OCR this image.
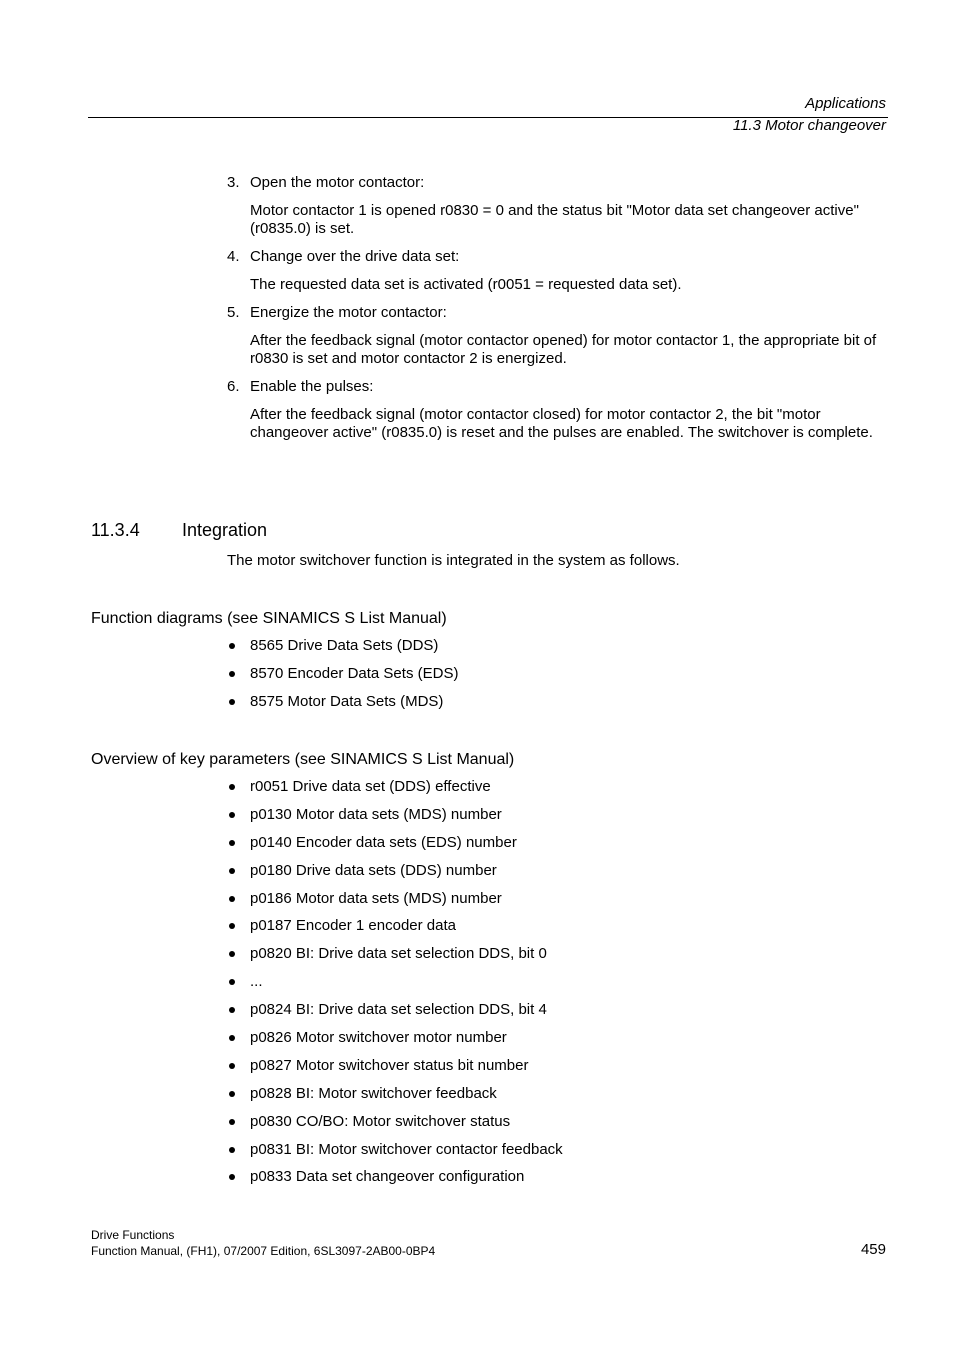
Applications
11.3 Motor changeover
3. Open the motor contactor:
Motor contactor 1 is opened r0830 = 0 and the status bit "Motor data set changeover active" (r0835.0) is set.
4. Change over the drive data set:
The requested data set is activated (r0051 = requested data set).
5. Energize the motor contactor:
After the feedback signal (motor contactor opened) for motor contactor 1, the appropriate bit of r0830 is set and motor contactor 2 is energized.
6. Enable the pulses:
After the feedback signal (motor contactor closed) for motor contactor 2, the bit "motor changeover active" (r0835.0) is reset and the pulses are enabled. The switchover is complete.
11.3.4 Integration
The motor switchover function is integrated in the system as follows.
Function diagrams (see SINAMICS S List Manual)
8565 Drive Data Sets (DDS)
8570 Encoder Data Sets (EDS)
8575 Motor Data Sets (MDS)
Overview of key parameters (see SINAMICS S List Manual)
r0051 Drive data set (DDS) effective
p0130 Motor data sets (MDS) number
p0140 Encoder data sets (EDS) number
p0180 Drive data sets (DDS) number
p0186 Motor data sets (MDS) number
p0187 Encoder 1 encoder data
p0820 BI: Drive data set selection DDS, bit 0
...
p0824 BI: Drive data set selection DDS, bit 4
p0826 Motor switchover motor number
p0827 Motor switchover status bit number
p0828 BI: Motor switchover feedback
p0830 CO/BO: Motor switchover status
p0831 BI: Motor switchover contactor feedback
p0833 Data set changeover configuration
Drive Functions
Function Manual, (FH1), 07/2007 Edition, 6SL3097-2AB00-0BP4	459
